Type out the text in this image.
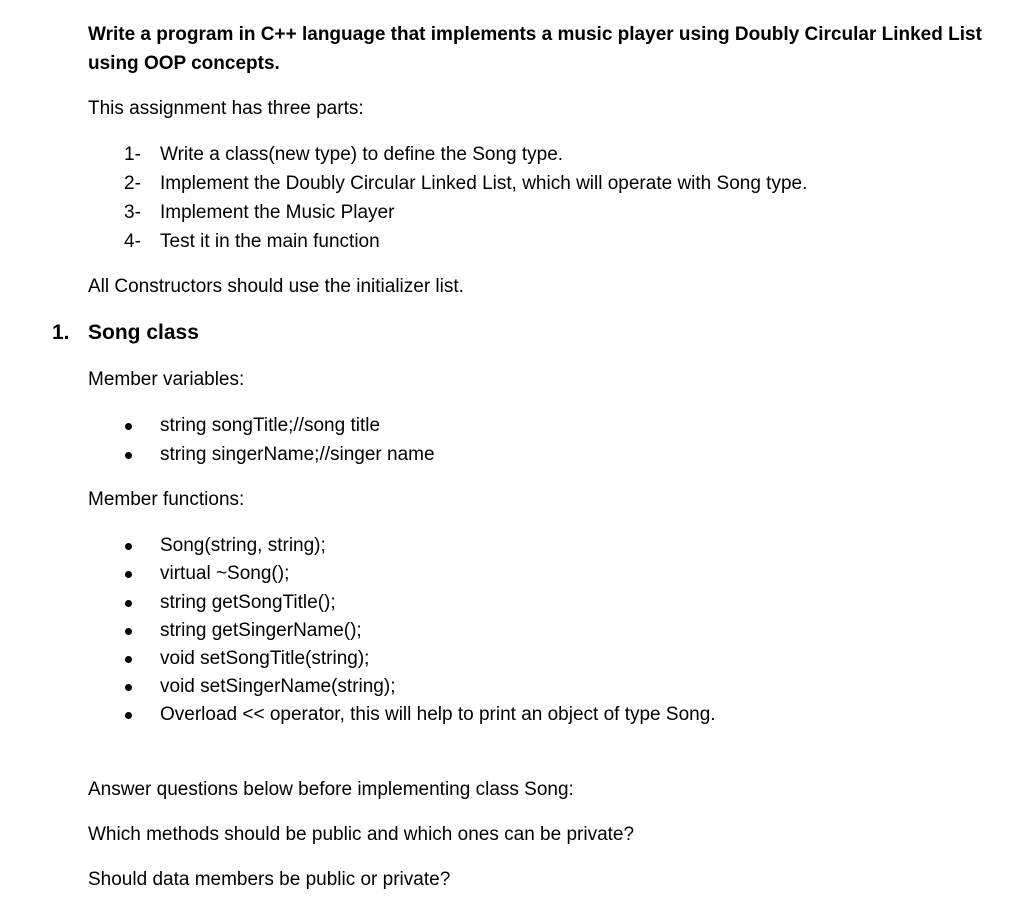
Write a program in C++ language that implements a music player using Doubly Circular Linked List
using OOP concepts.
This assignment has three parts:
1- Write a class(new type) to define the Song type.
2- Implement the Doubly Circular Linked List, which will operate with Song type.
3- Implement the Music Player
4- Test it in the main function
All Constructors should use the initializer list.
1. Song class
Member variables:
string songTitle;//song title
string singerName;//singer name
Member functions:
Song(string, string);
virtual ~Song();
string getSongTitle();
string getSingerName();
void setSongTitle(string);
void setSingerName(string);
Overload << operator, this will help to print an object of type Song.
Answer questions below before implementing class Song:
Which methods should be public and which ones can be private?
Should data members be public or private?
